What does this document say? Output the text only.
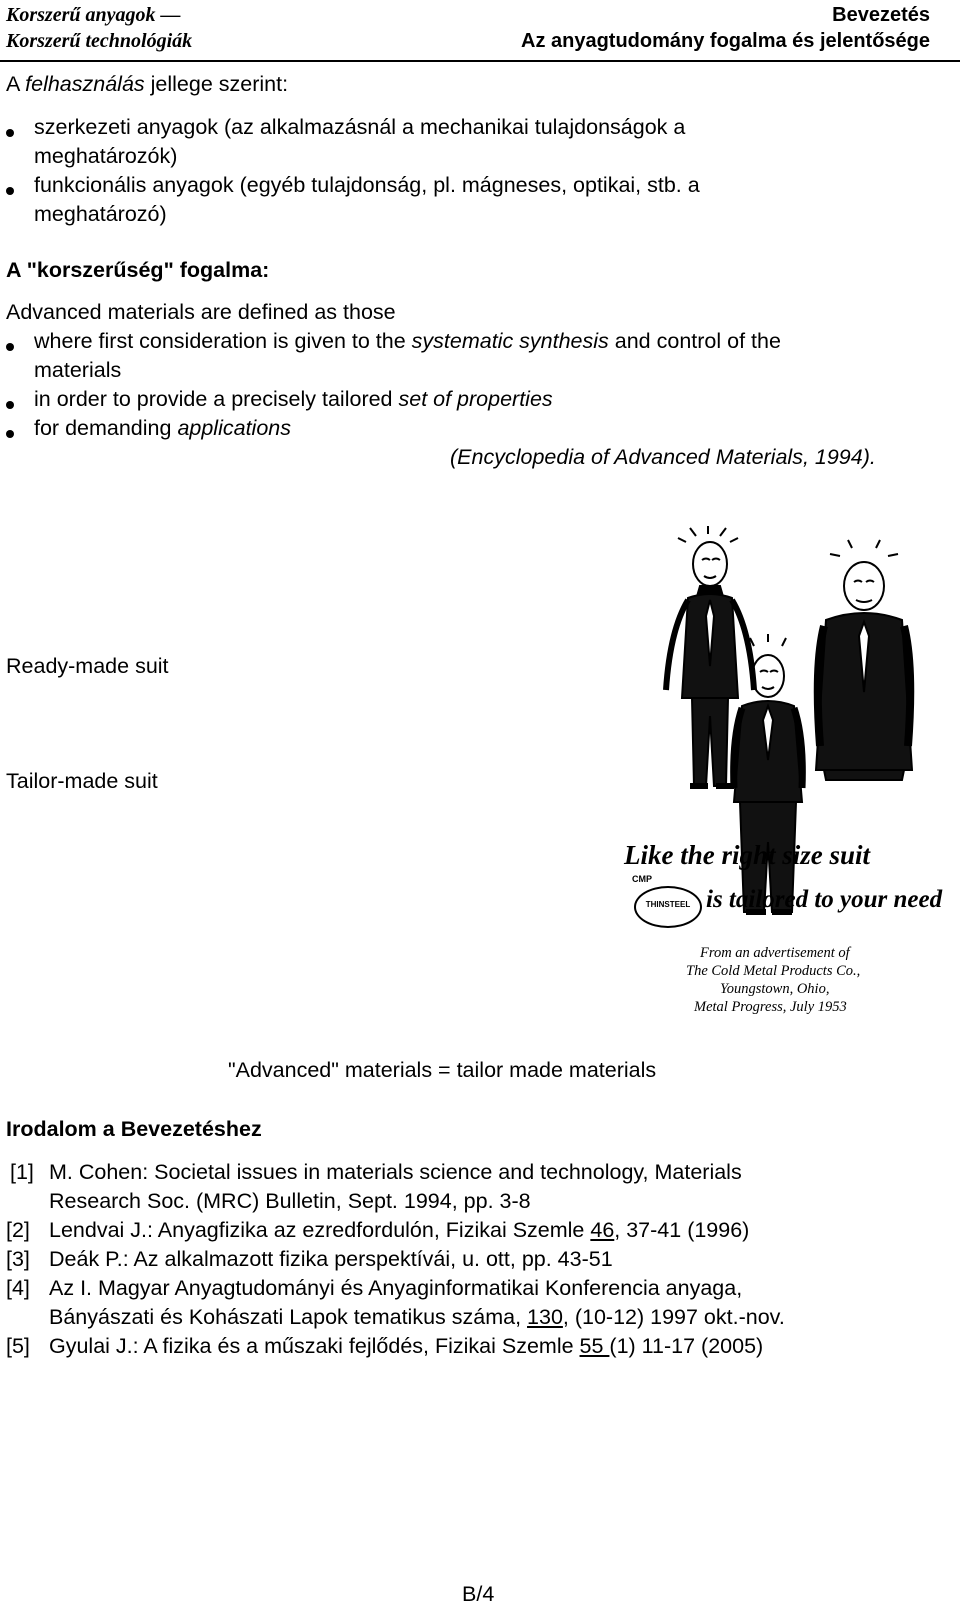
Korszerű anyagok —
Korszerű technológiák
Bevezetés
Az anyagtudomány fogalma és jelentősége
A felhasználás jellege szerint:
szerkezeti anyagok (az alkalmazásnál a mechanikai tulajdonságok a
meghatározók)
funkcionális anyagok (egyéb tulajdonság, pl. mágneses, optikai, stb. a
meghatározó)
A "korszerűség" fogalma:
Advanced materials are defined as those
where first consideration is given to the systematic synthesis and control of the
materials
in order to provide a precisely tailored set of properties
for demanding applications
(Encyclopedia of Advanced Materials, 1994).
Ready-made suit
Tailor-made suit
Like the right size suit
THINSTEEL
CMP
is tailored to your need
From an advertisement of
The Cold Metal Products Co.,
Youngstown, Ohio,
Metal Progress, July 1953
"Advanced" materials = tailor made materials
Irodalom a Bevezetéshez
[1] M. Cohen: Societal issues in materials science and technology, Materials
Research Soc. (MRC) Bulletin, Sept. 1994, pp. 3-8
[2] Lendvai J.: Anyagfizika az ezredfordulón, Fizikai Szemle 46, 37-41 (1996)
[3] Deák P.: Az alkalmazott fizika perspektívái, u. ott, pp. 43-51
[4] Az I. Magyar Anyagtudományi és Anyaginformatikai Konferencia anyaga,
Bányászati és Kohászati Lapok tematikus száma, 130, (10-12) 1997 okt.-nov.
[5] Gyulai J.: A fizika és a műszaki fejlődés, Fizikai Szemle 55 (1) 11-17 (2005)
B/4
